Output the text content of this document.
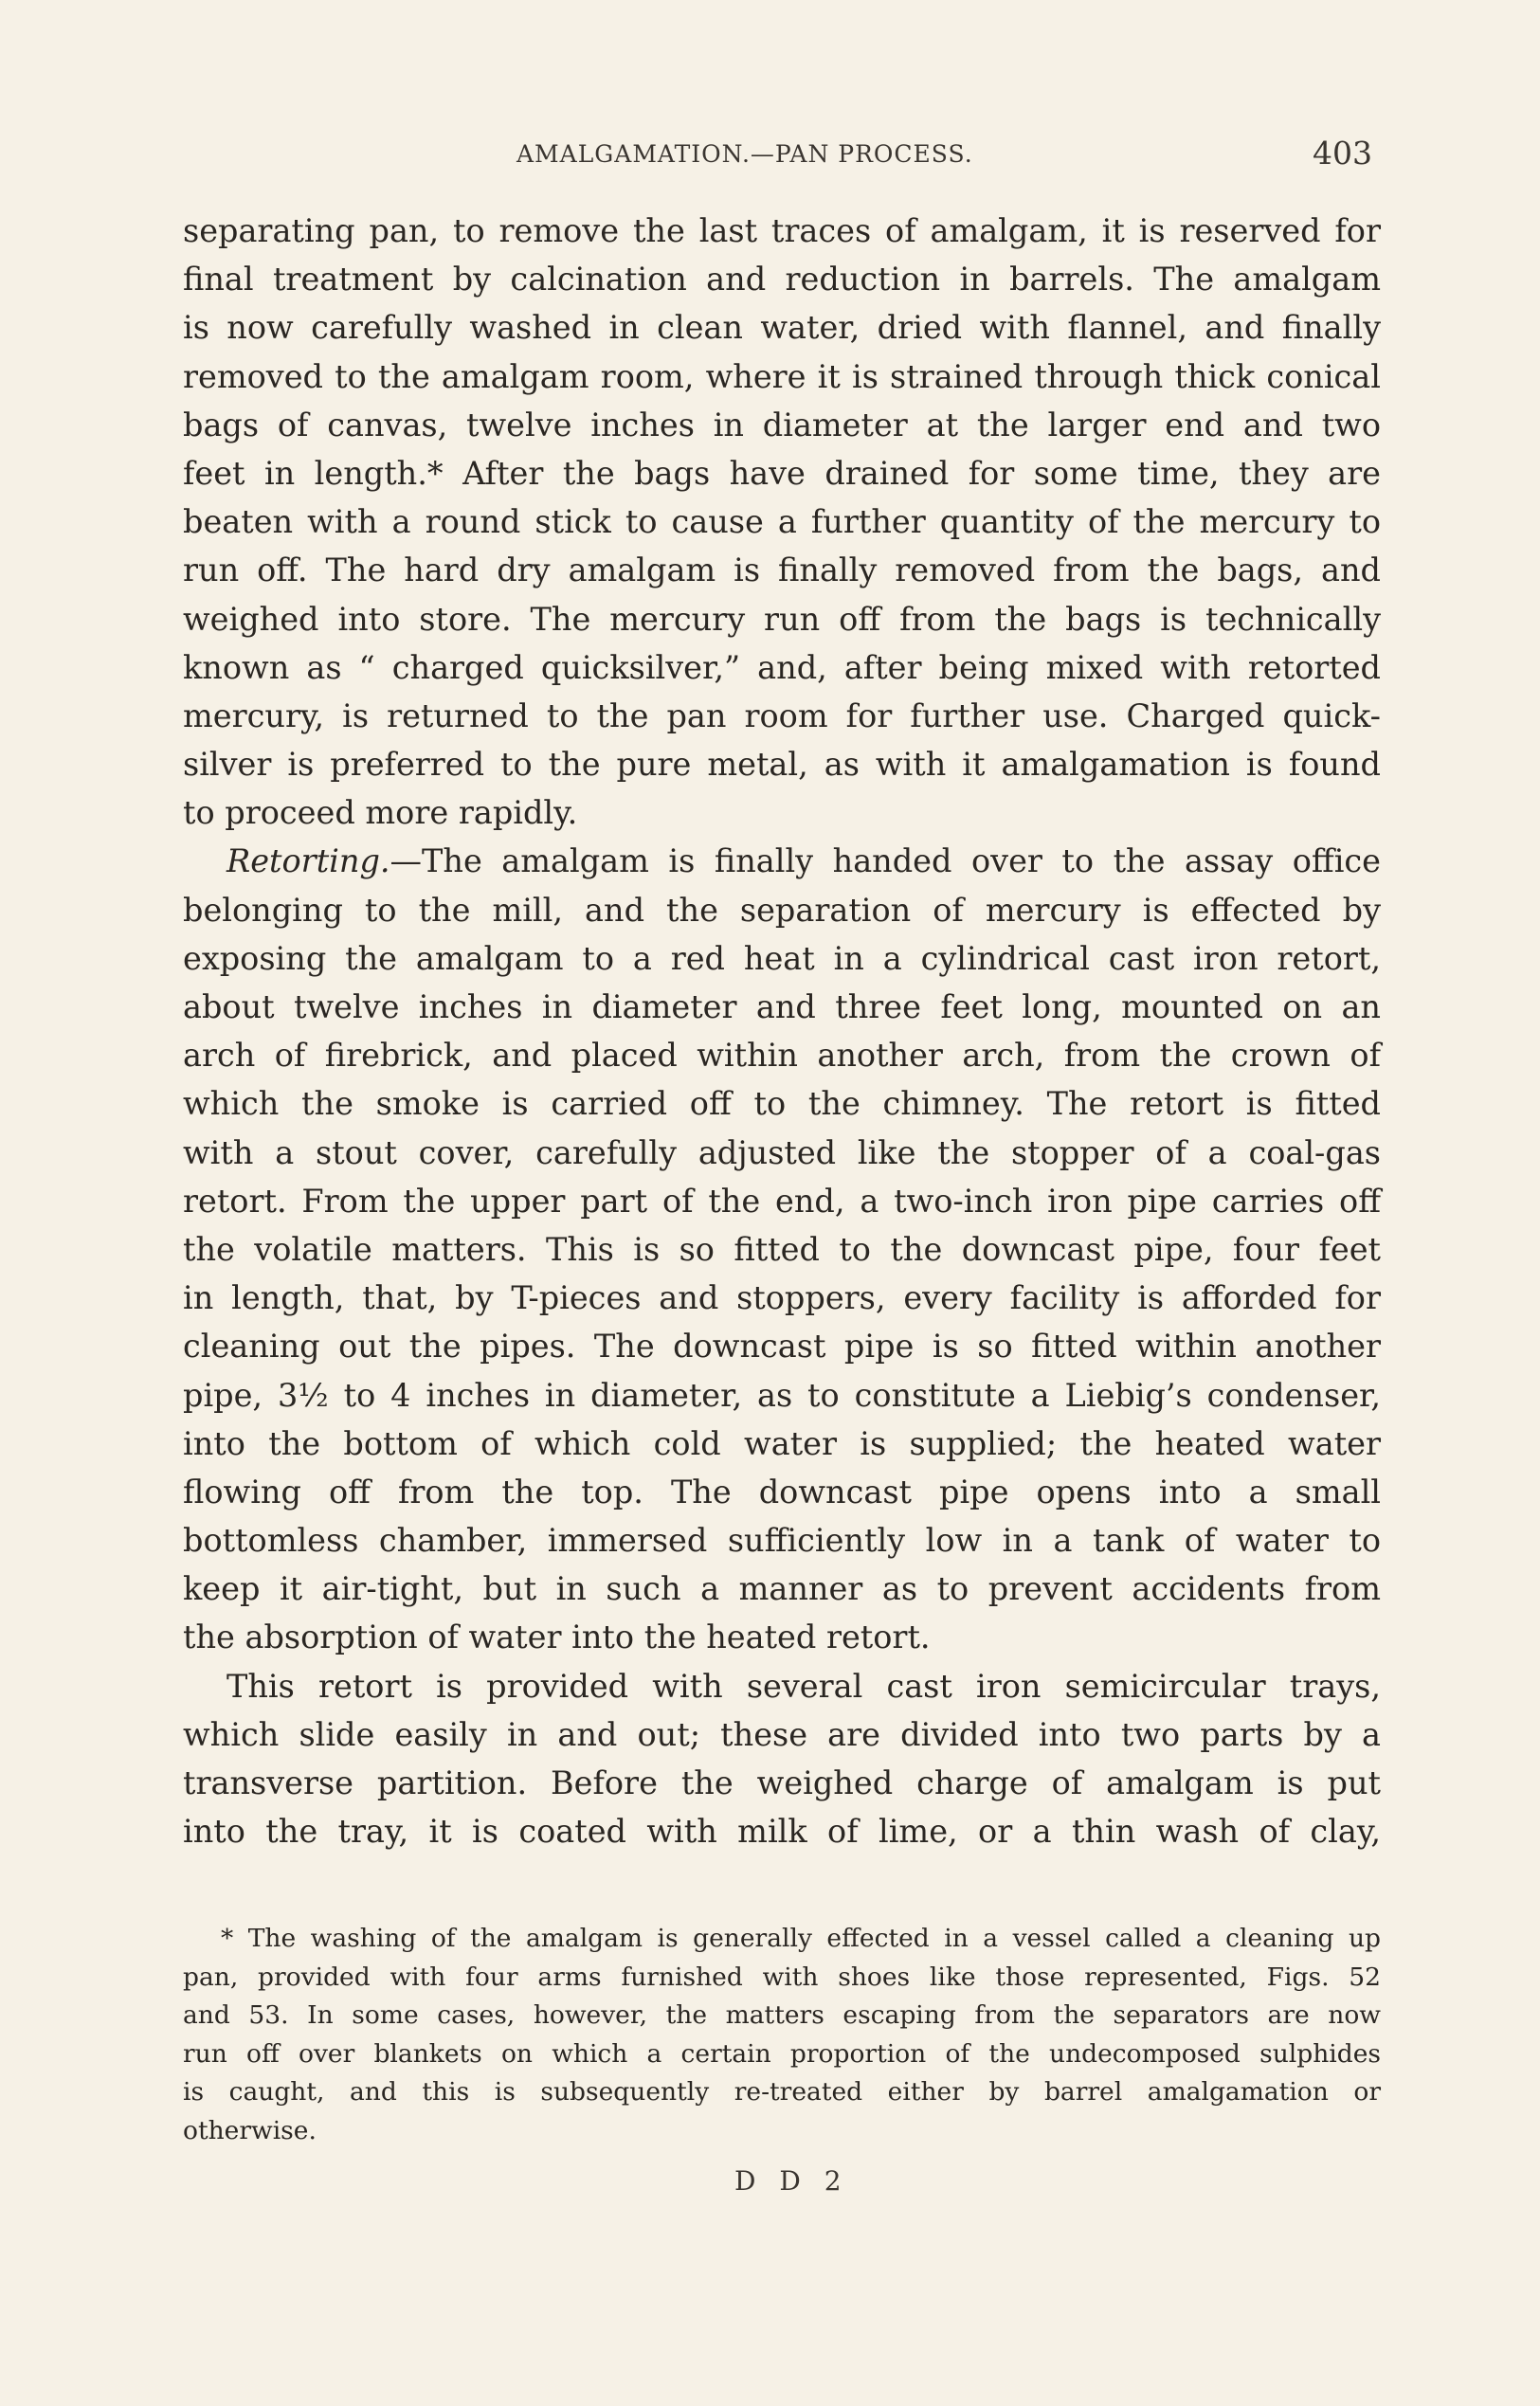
AMALGAMATION.—PAN PROCESS.	403
separating pan, to remove the last traces of amalgam, it is reserved for
final treatment by calcination and reduction in barrels. The amalgam
is now carefully washed in clean water, dried with flannel, and finally
removed to the amalgam room, where it is strained through thick conical
bags of canvas, twelve inches in diameter at the larger end and two
feet in length.* After the bags have drained for some time, they are
beaten with a round stick to cause a further quantity of the mercury to
run off. The hard dry amalgam is finally removed from the bags, and
weighed into store. The mercury run off from the bags is technically
known as “ charged quicksilver,” and, after being mixed with retorted
mercury, is returned to the pan room for further use. Charged quick-
silver is preferred to the pure metal, as with it amalgamation is found
to proceed more rapidly.
Retorting.—The amalgam is finally handed over to the assay office
belonging to the mill, and the separation of mercury is effected by
exposing the amalgam to a red heat in a cylindrical cast iron retort,
about twelve inches in diameter and three feet long, mounted on an
arch of firebrick, and placed within another arch, from the crown of
which the smoke is carried off to the chimney. The retort is fitted
with a stout cover, carefully adjusted like the stopper of a coal-gas
retort. From the upper part of the end, a two-inch iron pipe carries off
the volatile matters. This is so fitted to the downcast pipe, four feet
in length, that, by T-pieces and stoppers, every facility is afforded for
cleaning out the pipes. The downcast pipe is so fitted within another
pipe, 3½ to 4 inches in diameter, as to constitute a Liebig’s condenser,
into the bottom of which cold water is supplied; the heated water
flowing off from the top. The downcast pipe opens into a small
bottomless chamber, immersed sufficiently low in a tank of water to
keep it air-tight, but in such a manner as to prevent accidents from
the absorption of water into the heated retort.
This retort is provided with several cast iron semicircular trays,
which slide easily in and out; these are divided into two parts by a
transverse partition. Before the weighed charge of amalgam is put
into the tray, it is coated with milk of lime, or a thin wash of clay,
* The washing of the amalgam is generally effected in a vessel called a cleaning up
pan, provided with four arms furnished with shoes like those represented, Figs. 52
and 53. In some cases, however, the matters escaping from the separators are now
run off over blankets on which a certain proportion of the undecomposed sulphides
is caught, and this is subsequently re-treated either by barrel amalgamation or
otherwise.
D D 2
